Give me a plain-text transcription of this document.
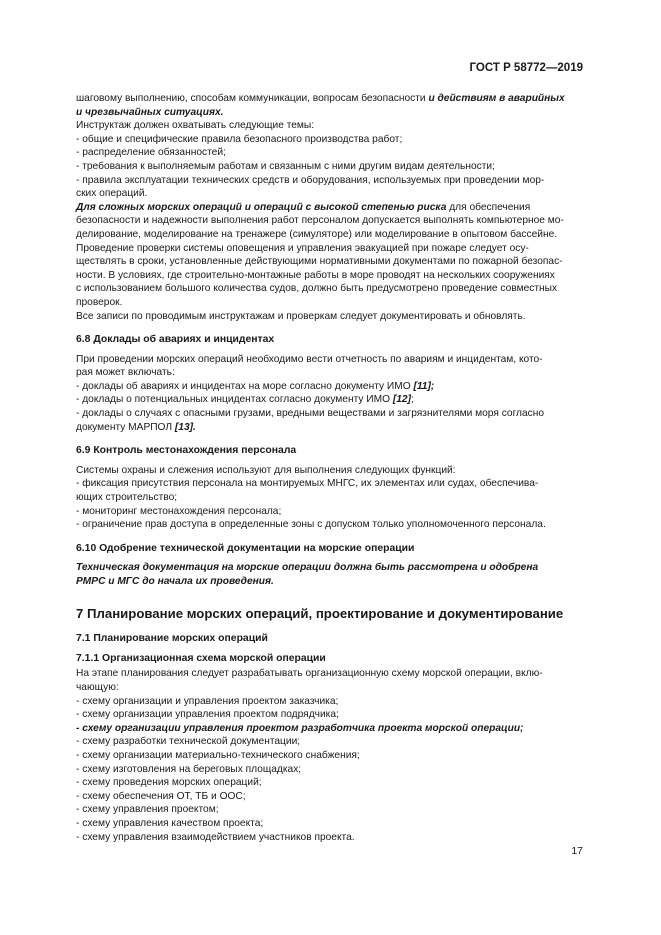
ГОСТ Р 58772—2019

шаговому выполнению, способам коммуникации, вопросам безопасности и действиям в аварийных
и чрезвычайных ситуациях.

Инструктаж должен охватывать следующие темы:

- общие и специфические правила безопасного производства работ;
- распределение обязанностей;
- требования к выполняемым работам и связанным с ними другим видам деятельности;
- правила эксплуатации технических средств и оборудования, используемых при проведении мор-
ских операций.

Для сложных морских операций и операций с высокой степенью риска для обеспечения
безопасности и надежности выполнения работ персоналом допускается выполнять компьютерное мо-
делирование, моделирование на тренажере (симуляторе) или моделирование в опытовом бассейне.

Проведение проверки системы оповещения и управления эвакуацией при пожаре следует осу-
ществлять в сроки, установленные действующими нормативными документами по пожарной безопас-
ности. В условиях, где строительно-монтажные работы в море проводят на нескольких сооружениях
с использованием большого количества судов, должно быть предусмотрено проведение совместных
проверок.

Все записи по проводимым инструктажам и проверкам следует документировать и обновлять.

6.8 Доклады об авариях и инцидентах

При проведении морских операций необходимо вести отчетность по авариям и инцидентам, кото-
рая может включать:

- доклады об авариях и инцидентах на море согласно документу ИМО [11];
- доклады о потенциальных инцидентах согласно документу ИМО [12];
- доклады о случаях с опасными грузами, вредными веществами и загрязнителями моря согласно
документу МАРПОЛ [13].
6.9 Контроль местонахождения персонала

Системы охраны и слежения используют для выполнения следующих функций:

- фиксация присутствия персонала на монтируемых МНГС, их элементах или судах, обеспечива-
ющих строительство;
- мониторинг местонахождения персонала;
- ограничение прав доступа в определенные зоны с допуском только уполномоченного персонала.
6.10 Одобрение технической документации на морские операции

Техническая документация на морские операции должна быть рассмотрена и одобрена
РМРС и МГС до начала их проведения.

7 Планирование морских операций, проектирование и документирование
7.1 Планирование морских операций
7.1.1 Организационная схема морской операции

На этапе планирования следует разрабатывать организационную схему морской операции, вклю-
чающую:

- схему организации и управления проектом заказчика;
- схему организации управления проектом подрядчика;
- схему организации управления проектом разработчика проекта морской операции;
- схему разработки технической документации;
- схему организации материально-технического снабжения;
- схему изготовления на береговых площадках;
- схему проведения морских операций;
- схему обеспечения ОТ, ТБ и ООС;
- схему управления проектом;
- схему управления качеством проекта;
- схему управления взаимодействием участников проекта.
17
